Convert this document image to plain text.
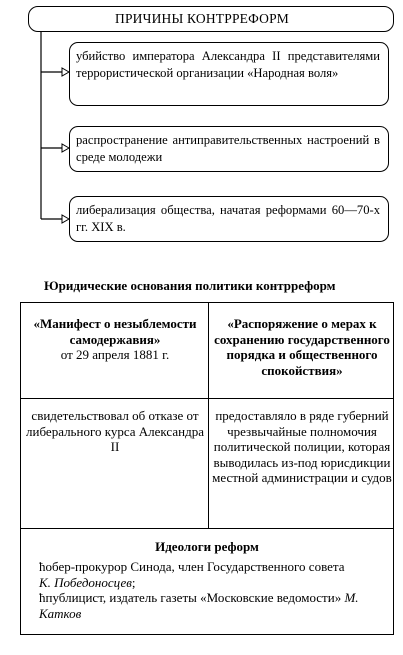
ПРИЧИНЫ КОНТРРЕФОРМ
убийство императора Александра II представителями террористической организации «Народная воля»
распространение антиправительственных настроений в среде молодежи
либерализация общества, начатая реформами 60—70-х гг. XIX в.
Юридические основания политики контрреформ
«Манифест о незыблемости самодержавия»
от 29 апреля 1881 г.
«Распоряжение о мерах к сохранению государственного порядка и общественного спокойствия»
свидетельствовал об отказе от либерального курса Александра II
предоставляло в ряде губерний чрезвычайные полномочия политической полиции, которая выводилась из-под юрисдикции местной администрации и судов
Идеологи реформ
ћобер-прокурор Синода, член Государственного совета К. Победоносцев;
ћпублицист, издатель газеты «Московские ведомости» М. Катков
